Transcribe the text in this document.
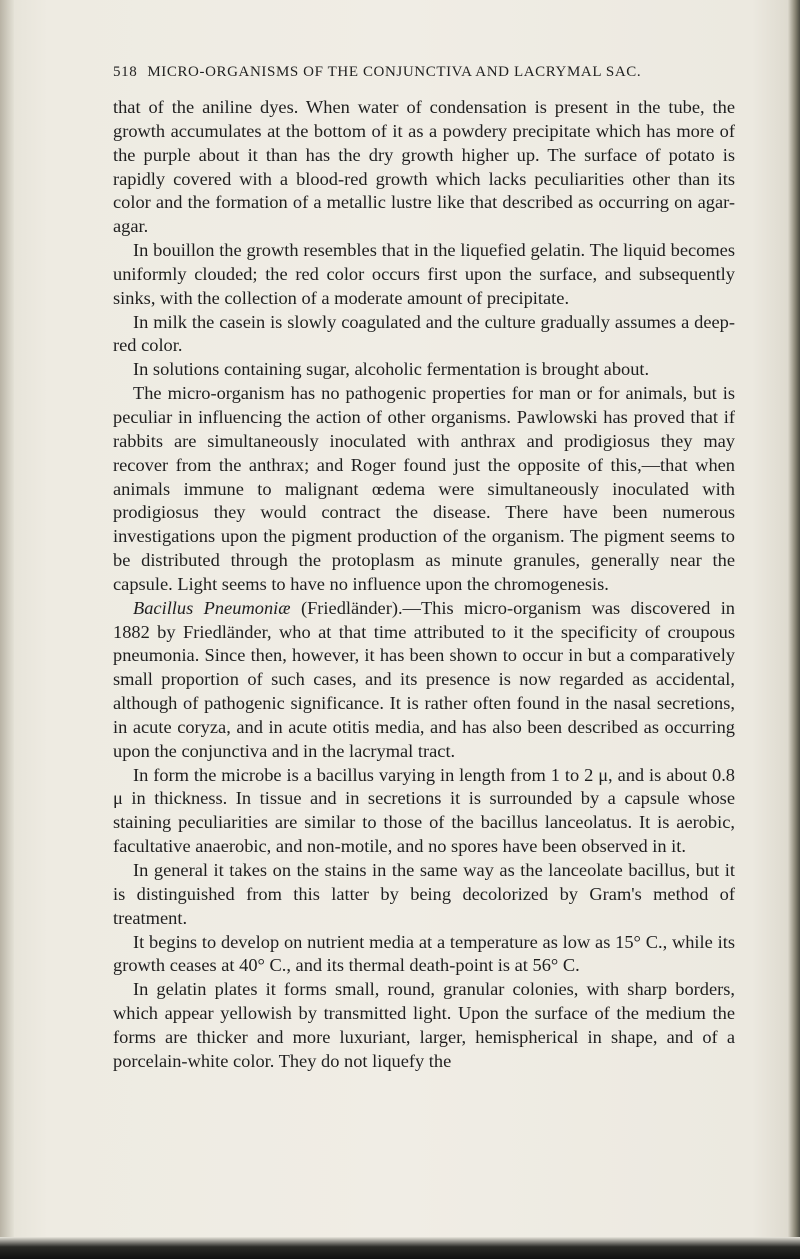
518 MICRO-ORGANISMS OF THE CONJUNCTIVA AND LACRYMAL SAC.

that of the aniline dyes. When water of condensation is present in the tube, the growth accumulates at the bottom of it as a powdery precipitate which has more of the purple about it than has the dry growth higher up. The surface of potato is rapidly covered with a blood-red growth which lacks peculiarities other than its color and the formation of a metallic lustre like that described as occurring on agar-agar.

In bouillon the growth resembles that in the liquefied gelatin. The liquid becomes uniformly clouded; the red color occurs first upon the surface, and subsequently sinks, with the collection of a moderate amount of precipitate.

In milk the casein is slowly coagulated and the culture gradually assumes a deep-red color.

In solutions containing sugar, alcoholic fermentation is brought about.

The micro-organism has no pathogenic properties for man or for animals, but is peculiar in influencing the action of other organisms. Pawlowski has proved that if rabbits are simultaneously inoculated with anthrax and prodigiosus they may recover from the anthrax; and Roger found just the opposite of this,—that when animals immune to malignant œdema were simultaneously inoculated with prodigiosus they would contract the disease. There have been numerous investigations upon the pigment production of the organism. The pigment seems to be distributed through the protoplasm as minute granules, generally near the capsule. Light seems to have no influence upon the chromogenesis.

Bacillus Pneumoniæ (Friedländer).—This micro-organism was discovered in 1882 by Friedländer, who at that time attributed to it the specificity of croupous pneumonia. Since then, however, it has been shown to occur in but a comparatively small proportion of such cases, and its presence is now regarded as accidental, although of pathogenic significance. It is rather often found in the nasal secretions, in acute coryza, and in acute otitis media, and has also been described as occurring upon the conjunctiva and in the lacrymal tract.

In form the microbe is a bacillus varying in length from 1 to 2 μ, and is about 0.8 μ in thickness. In tissue and in secretions it is surrounded by a capsule whose staining peculiarities are similar to those of the bacillus lanceolatus. It is aerobic, facultative anaerobic, and non-motile, and no spores have been observed in it.

In general it takes on the stains in the same way as the lanceolate bacillus, but it is distinguished from this latter by being decolorized by Gram's method of treatment.

It begins to develop on nutrient media at a temperature as low as 15° C., while its growth ceases at 40° C., and its thermal death-point is at 56° C.

In gelatin plates it forms small, round, granular colonies, with sharp borders, which appear yellowish by transmitted light. Upon the surface of the medium the forms are thicker and more luxuriant, larger, hemispherical in shape, and of a porcelain-white color. They do not liquefy the
